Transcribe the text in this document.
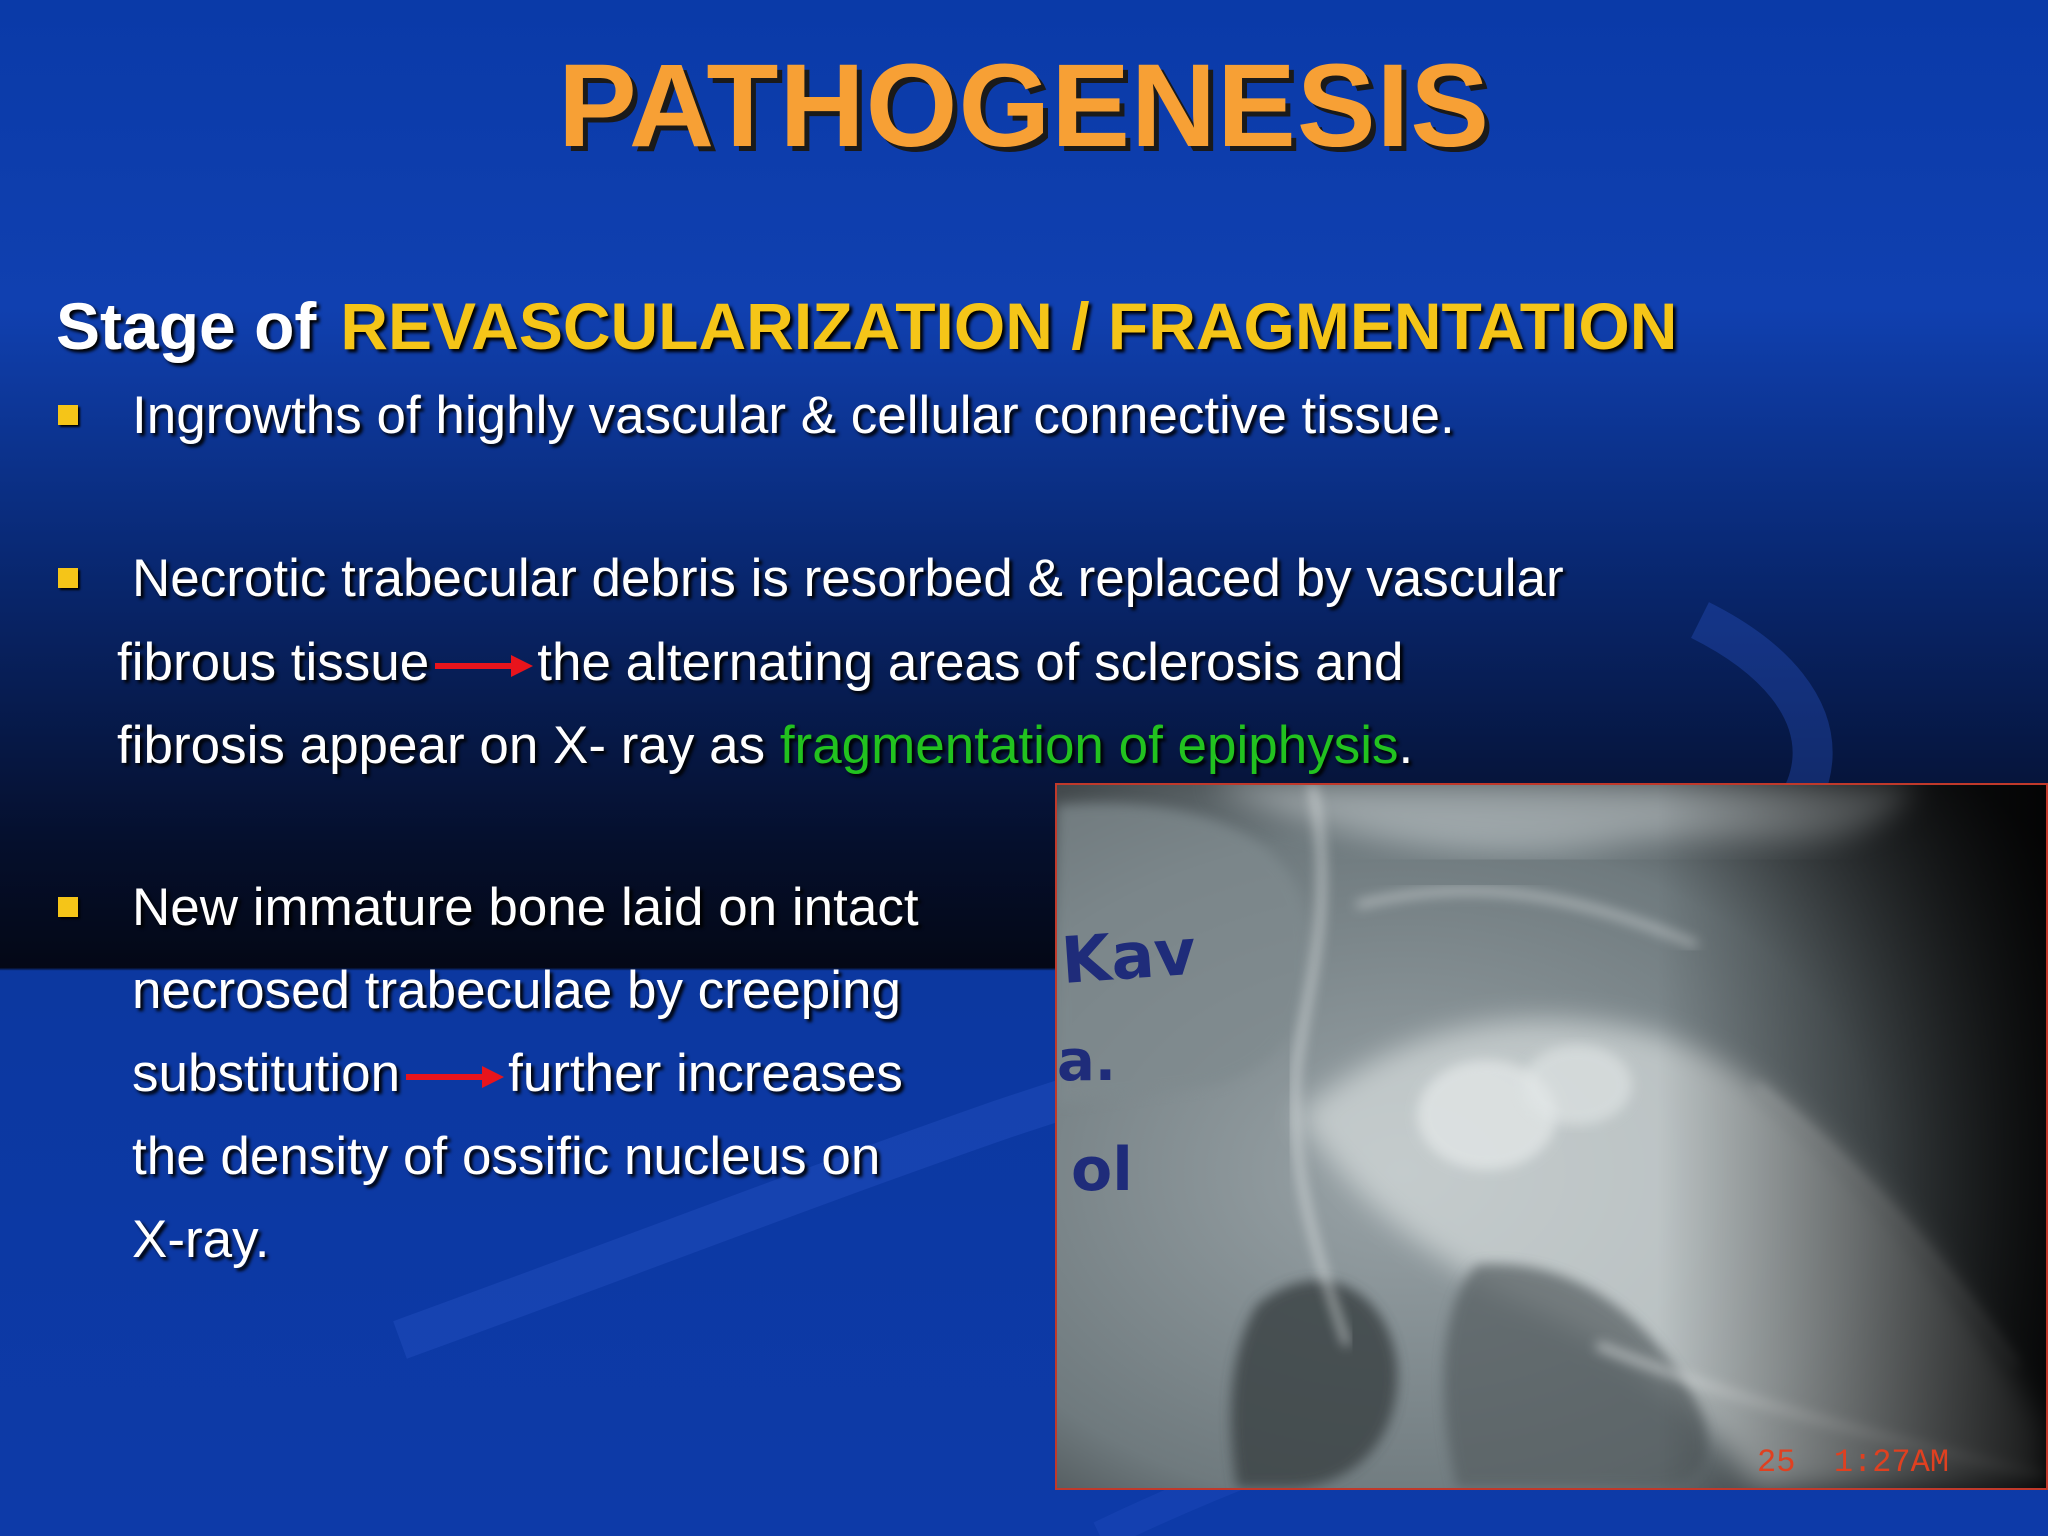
PATHOGENESIS
Stage of REVASCULARIZATION / FRAGMENTATION
Ingrowths of highly vascular & cellular connective tissue.
Necrotic trabecular debris is resorbed & replaced by vascular
fibrous tissue the alternating areas of sclerosis and
fibrosis appear on X- ray as fragmentation of epiphysis.
New immature bone laid on intact
necrosed trabeculae by creeping
substitution further increases
the density of ossific nucleus on
X-ray.
Kav
a.
ol
25  1:27AM
